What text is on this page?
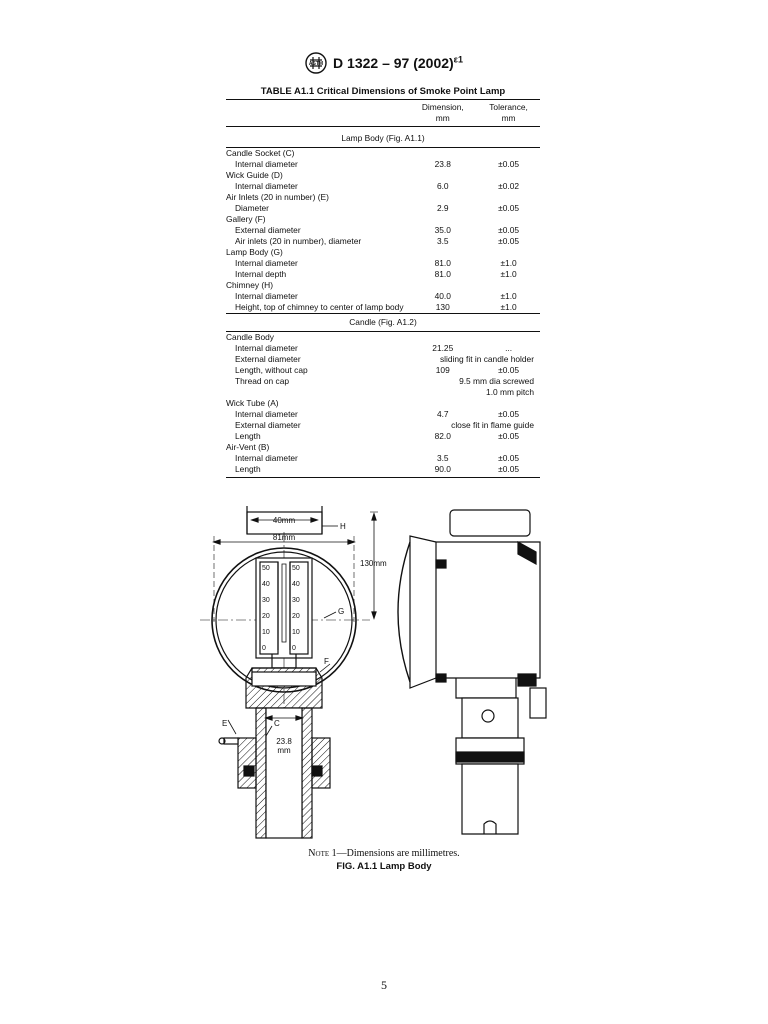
ASTM D 1322 – 97 $(2002)^{\varepsilon 1}$
TABLE A1.1 Critical Dimensions of Smoke Point Lamp
	Dimension,	Tolerance,
	mm	mm
Lamp Body (Fig. A1.1)		
Candle Socket (C)		
Internal diameter	23.8	±0.05
Wick Guide (D)		
Internal diameter	6.0	±0.02
Air Inlets (20 in number) (E)		
Diameter	2.9	±0.05
Gallery (F)		
External diameter	35.0	±0.05
Air inlets (20 in number), diameter	3.5	±0.05
Lamp Body (G)		
Internal diameter	81.0	±1.0
Internal depth	81.0	±1.0
Chimney (H)		
Internal diameter	40.0	±1.0
Height, top of chimney to center of lamp body	130	±1.0
Candle (Fig. A1.2)		
Candle Body		
Internal diameter	21.25	...
External diameter	sliding fit in candle holder	
Length, without cap	109	±0.05
Thread on cap	9.5 mm dia screwed	
	1.0 mm pitch	
Wick Tube (A)		
Internal diameter	4.7	±0.05
External diameter	close fit in flame guide	
Length	82.0	±0.05
Air-Vent (B)		
Internal diameter	3.5	±0.05
Length	90.0	±0.05
40mm
H
81mm
130mm
G
F
E	C
23.8
mm
50
40
30
20
10
0
50
40
30
20
10
0
Note 1—Dimensions are millimetres.
FIG. A1.1 Lamp Body
5
